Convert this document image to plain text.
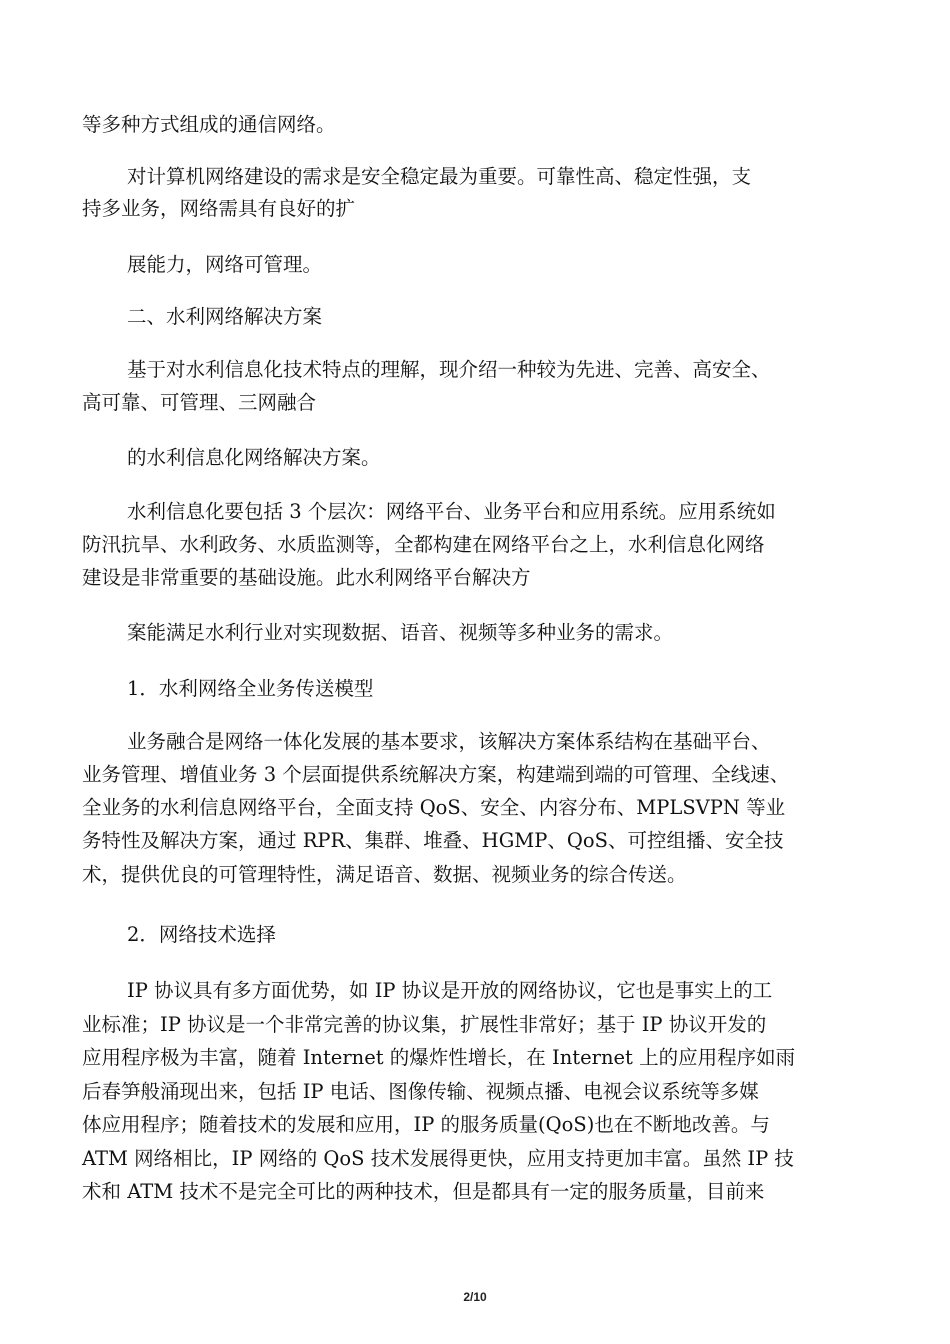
等多种方式组成的通信网络。
对计算机网络建设的需求是安全稳定最为重要。可靠性高、稳定性强，支
持多业务，网络需具有良好的扩
展能力，网络可管理。
二、水利网络解决方案
基于对水利信息化技术特点的理解，现介绍一种较为先进、完善、高安全、
高可靠、可管理、三网融合
的水利信息化网络解决方案。
水利信息化要包括 3 个层次：网络平台、业务平台和应用系统。应用系统如
防汛抗旱、水利政务、水质监测等，全都构建在网络平台之上，水利信息化网络
建设是非常重要的基础设施。此水利网络平台解决方
案能满足水利行业对实现数据、语音、视频等多种业务的需求。
1．水利网络全业务传送模型
业务融合是网络一体化发展的基本要求，该解决方案体系结构在基础平台、
业务管理、增值业务 3 个层面提供系统解决方案，构建端到端的可管理、全线速、
全业务的水利信息网络平台，全面支持 QoS、安全、内容分布、MPLSVPN 等业
务特性及解决方案，通过 RPR、集群、堆叠、HGMP、QoS、可控组播、安全技
术，提供优良的可管理特性，满足语音、数据、视频业务的综合传送。
2．网络技术选择
IP 协议具有多方面优势，如 IP 协议是开放的网络协议，它也是事实上的工
业标准；IP 协议是一个非常完善的协议集，扩展性非常好；基于 IP 协议开发的
应用程序极为丰富，随着 Internet 的爆炸性增长，在 Internet 上的应用程序如雨
后春笋般涌现出来，包括 IP 电话、图像传输、视频点播、电视会议系统等多媒
体应用程序；随着技术的发展和应用，IP 的服务质量(QoS)也在不断地改善。与
ATM 网络相比，IP 网络的 QoS 技术发展得更快，应用支持更加丰富。虽然 IP 技
术和 ATM 技术不是完全可比的两种技术，但是都具有一定的服务质量，目前来
2/10
